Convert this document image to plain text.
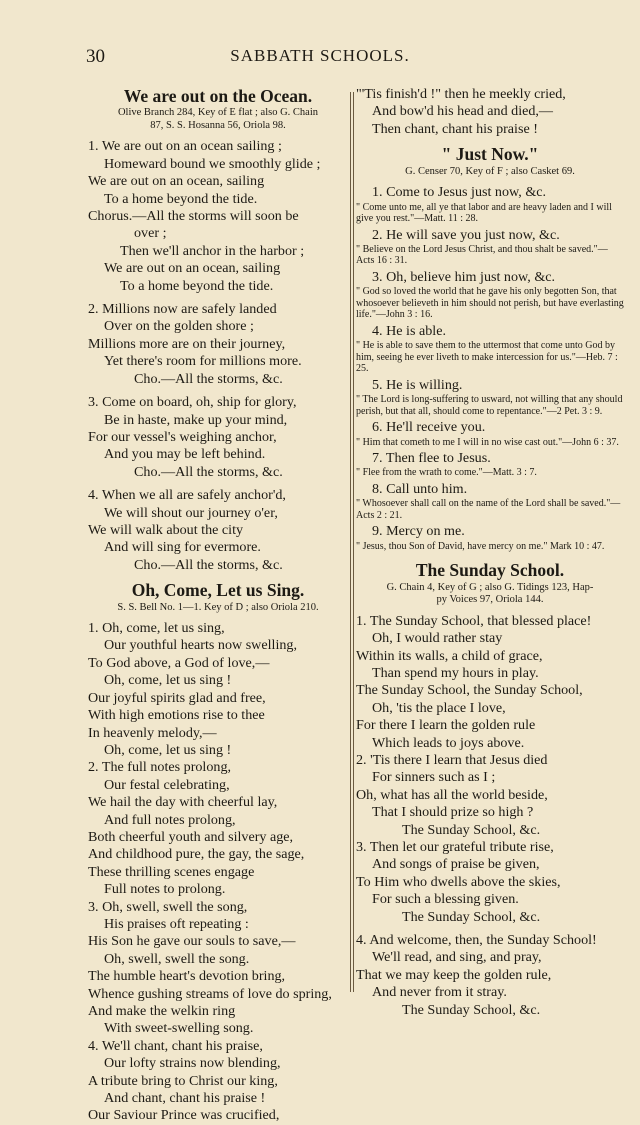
30	SABBATH SCHOOLS.
We are out on the Ocean.
Olive Branch 284, Key of E flat ; also G. Chain
87, S. S. Hosanna 56, Oriola 98.
1. We are out on an ocean sailing ;
Homeward bound we smoothly glide ;
We are out on an ocean, sailing
To a home beyond the tide.
Chorus.—All the storms will soon be
over ;
Then we'll anchor in the harbor ;
We are out on an ocean, sailing
To a home beyond the tide.
2. Millions now are safely landed
Over on the golden shore ;
Millions more are on their journey,
Yet there's room for millions more.
Cho.—All the storms, &c.
3. Come on board, oh, ship for glory,
Be in haste, make up your mind,
For our vessel's weighing anchor,
And you may be left behind.
Cho.—All the storms, &c.
4. When we all are safely anchor'd,
We will shout our journey o'er,
We will walk about the city
And will sing for evermore.
Cho.—All the storms, &c.
Oh, Come, Let us Sing.
S. S. Bell No. 1—1. Key of D ; also Oriola 210.
1. Oh, come, let us sing,
Our youthful hearts now swelling,
To God above, a God of love,—
Oh, come, let us sing !
Our joyful spirits glad and free,
With high emotions rise to thee
In heavenly melody,—
Oh, come, let us sing !
2. The full notes prolong,
Our festal celebrating,
We hail the day with cheerful lay,
And full notes prolong,
Both cheerful youth and silvery age,
And childhood pure, the gay, the sage,
These thrilling scenes engage
Full notes to prolong.
3. Oh, swell, swell the song,
His praises oft repeating :
His Son he gave our souls to save,—
Oh, swell, swell the song.
The humble heart's devotion bring,
Whence gushing streams of love do spring,
And make the welkin ring
With sweet-swelling song.
4. We'll chant, chant his praise,
Our lofty strains now blending,
A tribute bring to Christ our king,
And chant, chant his praise !
Our Saviour Prince was crucified,
"'Tis finish'd !" then he meekly cried,
And bow'd his head and died,—
Then chant, chant his praise !
" Just Now."
G. Censer 70, Key of F ; also Casket 69.
1. Come to Jesus just now, &c.
" Come unto me, all ye that labor and are heavy laden and I will give you rest."—Matt. 11 : 28.
2. He will save you just now, &c.
" Believe on the Lord Jesus Christ, and thou shalt be saved."—Acts 16 : 31.
3. Oh, believe him just now, &c.
" God so loved the world that he gave his only begotten Son, that whosoever believeth in him should not perish, but have everlasting life."—John 3 : 16.
4. He is able.
" He is able to save them to the uttermost that come unto God by him, seeing he ever liveth to make intercession for us."—Heb. 7 : 25.
5. He is willing.
" The Lord is long-suffering to usward, not willing that any should perish, but that all, should come to repentance."—2 Pet. 3 : 9.
6. He'll receive you.
" Him that cometh to me I will in no wise cast out."—John 6 : 37.
7. Then flee to Jesus.
" Flee from the wrath to come."—Matt. 3 : 7.
8. Call unto him.
" Whosoever shall call on the name of the Lord shall be saved."—Acts 2 : 21.
9. Mercy on me.
" Jesus, thou Son of David, have mercy on me." Mark 10 : 47.
The Sunday School.
G. Chain 4, Key of G ; also G. Tidings 123, Hap-
py Voices 97, Oriola 144.
1. The Sunday School, that blessed place!
Oh, I would rather stay
Within its walls, a child of grace,
Than spend my hours in play.
The Sunday School, the Sunday School,
Oh, 'tis the place I love,
For there I learn the golden rule
Which leads to joys above.
2. 'Tis there I learn that Jesus died
For sinners such as I ;
Oh, what has all the world beside,
That I should prize so high ?
The Sunday School, &c.
3. Then let our grateful tribute rise,
And songs of praise be given,
To Him who dwells above the skies,
For such a blessing given.
The Sunday School, &c.
4. And welcome, then, the Sunday School!
We'll read, and sing, and pray,
That we may keep the golden rule,
And never from it stray.
The Sunday School, &c.
